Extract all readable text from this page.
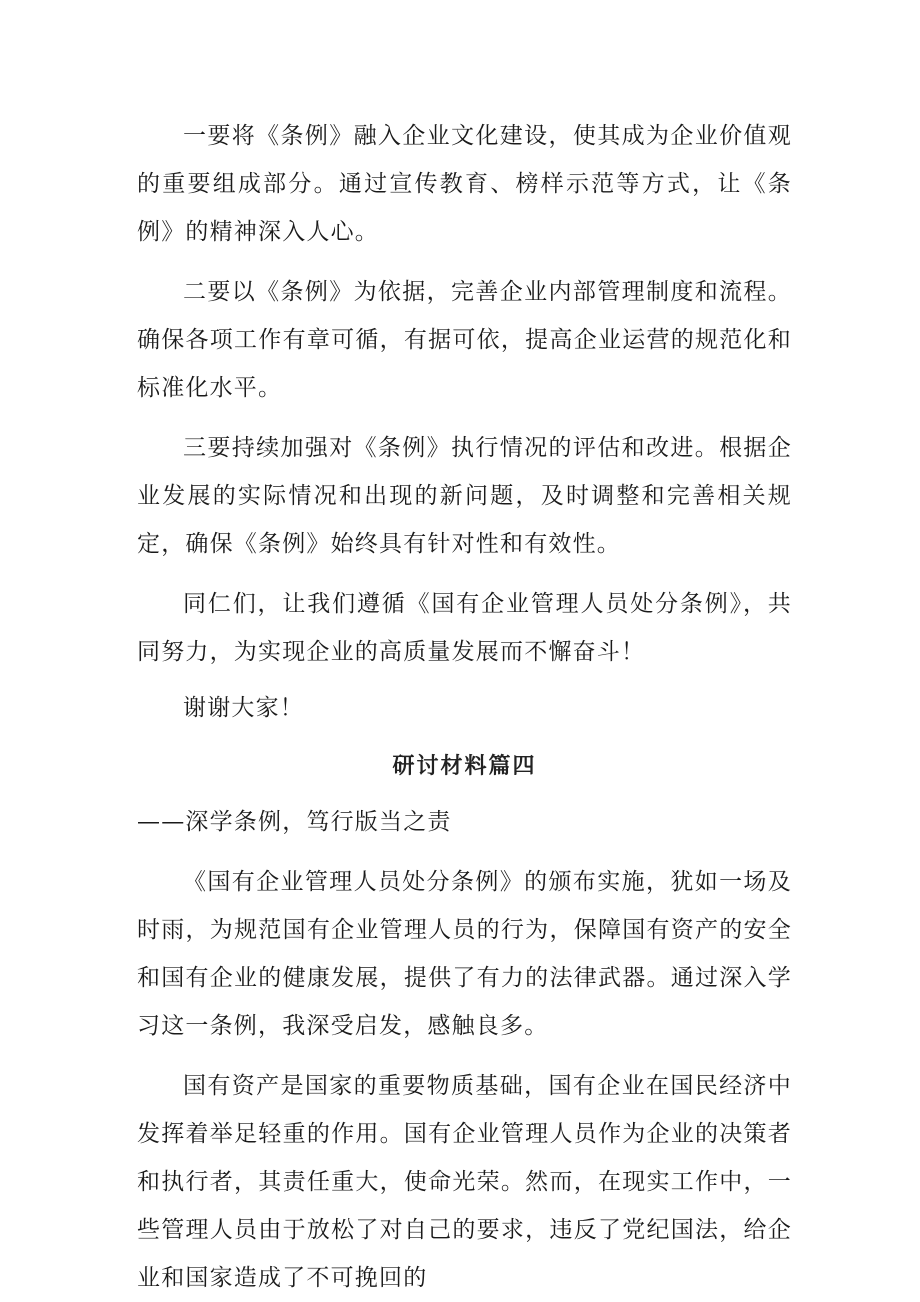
一要将《条例》融入企业文化建设，使其成为企业价值观的重要组成部分。通过宣传教育、榜样示范等方式，让《条例》的精神深入人心。

二要以《条例》为依据，完善企业内部管理制度和流程。确保各项工作有章可循，有据可依，提高企业运营的规范化和标准化水平。

三要持续加强对《条例》执行情况的评估和改进。根据企业发展的实际情况和出现的新问题，及时调整和完善相关规定，确保《条例》始终具有针对性和有效性。

同仁们，让我们遵循《国有企业管理人员处分条例》，共同努力，为实现企业的高质量发展而不懈奋斗！

谢谢大家！

研讨材料篇四

——深学条例，笃行版当之责

《国有企业管理人员处分条例》的颁布实施，犹如一场及时雨，为规范国有企业管理人员的行为，保障国有资产的安全和国有企业的健康发展，提供了有力的法律武器。通过深入学习这一条例，我深受启发，感触良多。

国有资产是国家的重要物质基础，国有企业在国民经济中发挥着举足轻重的作用。国有企业管理人员作为企业的决策者和执行者，其责任重大，使命光荣。然而，在现实工作中，一些管理人员由于放松了对自己的要求，违反了党纪国法，给企业和国家造成了不可挽回的
